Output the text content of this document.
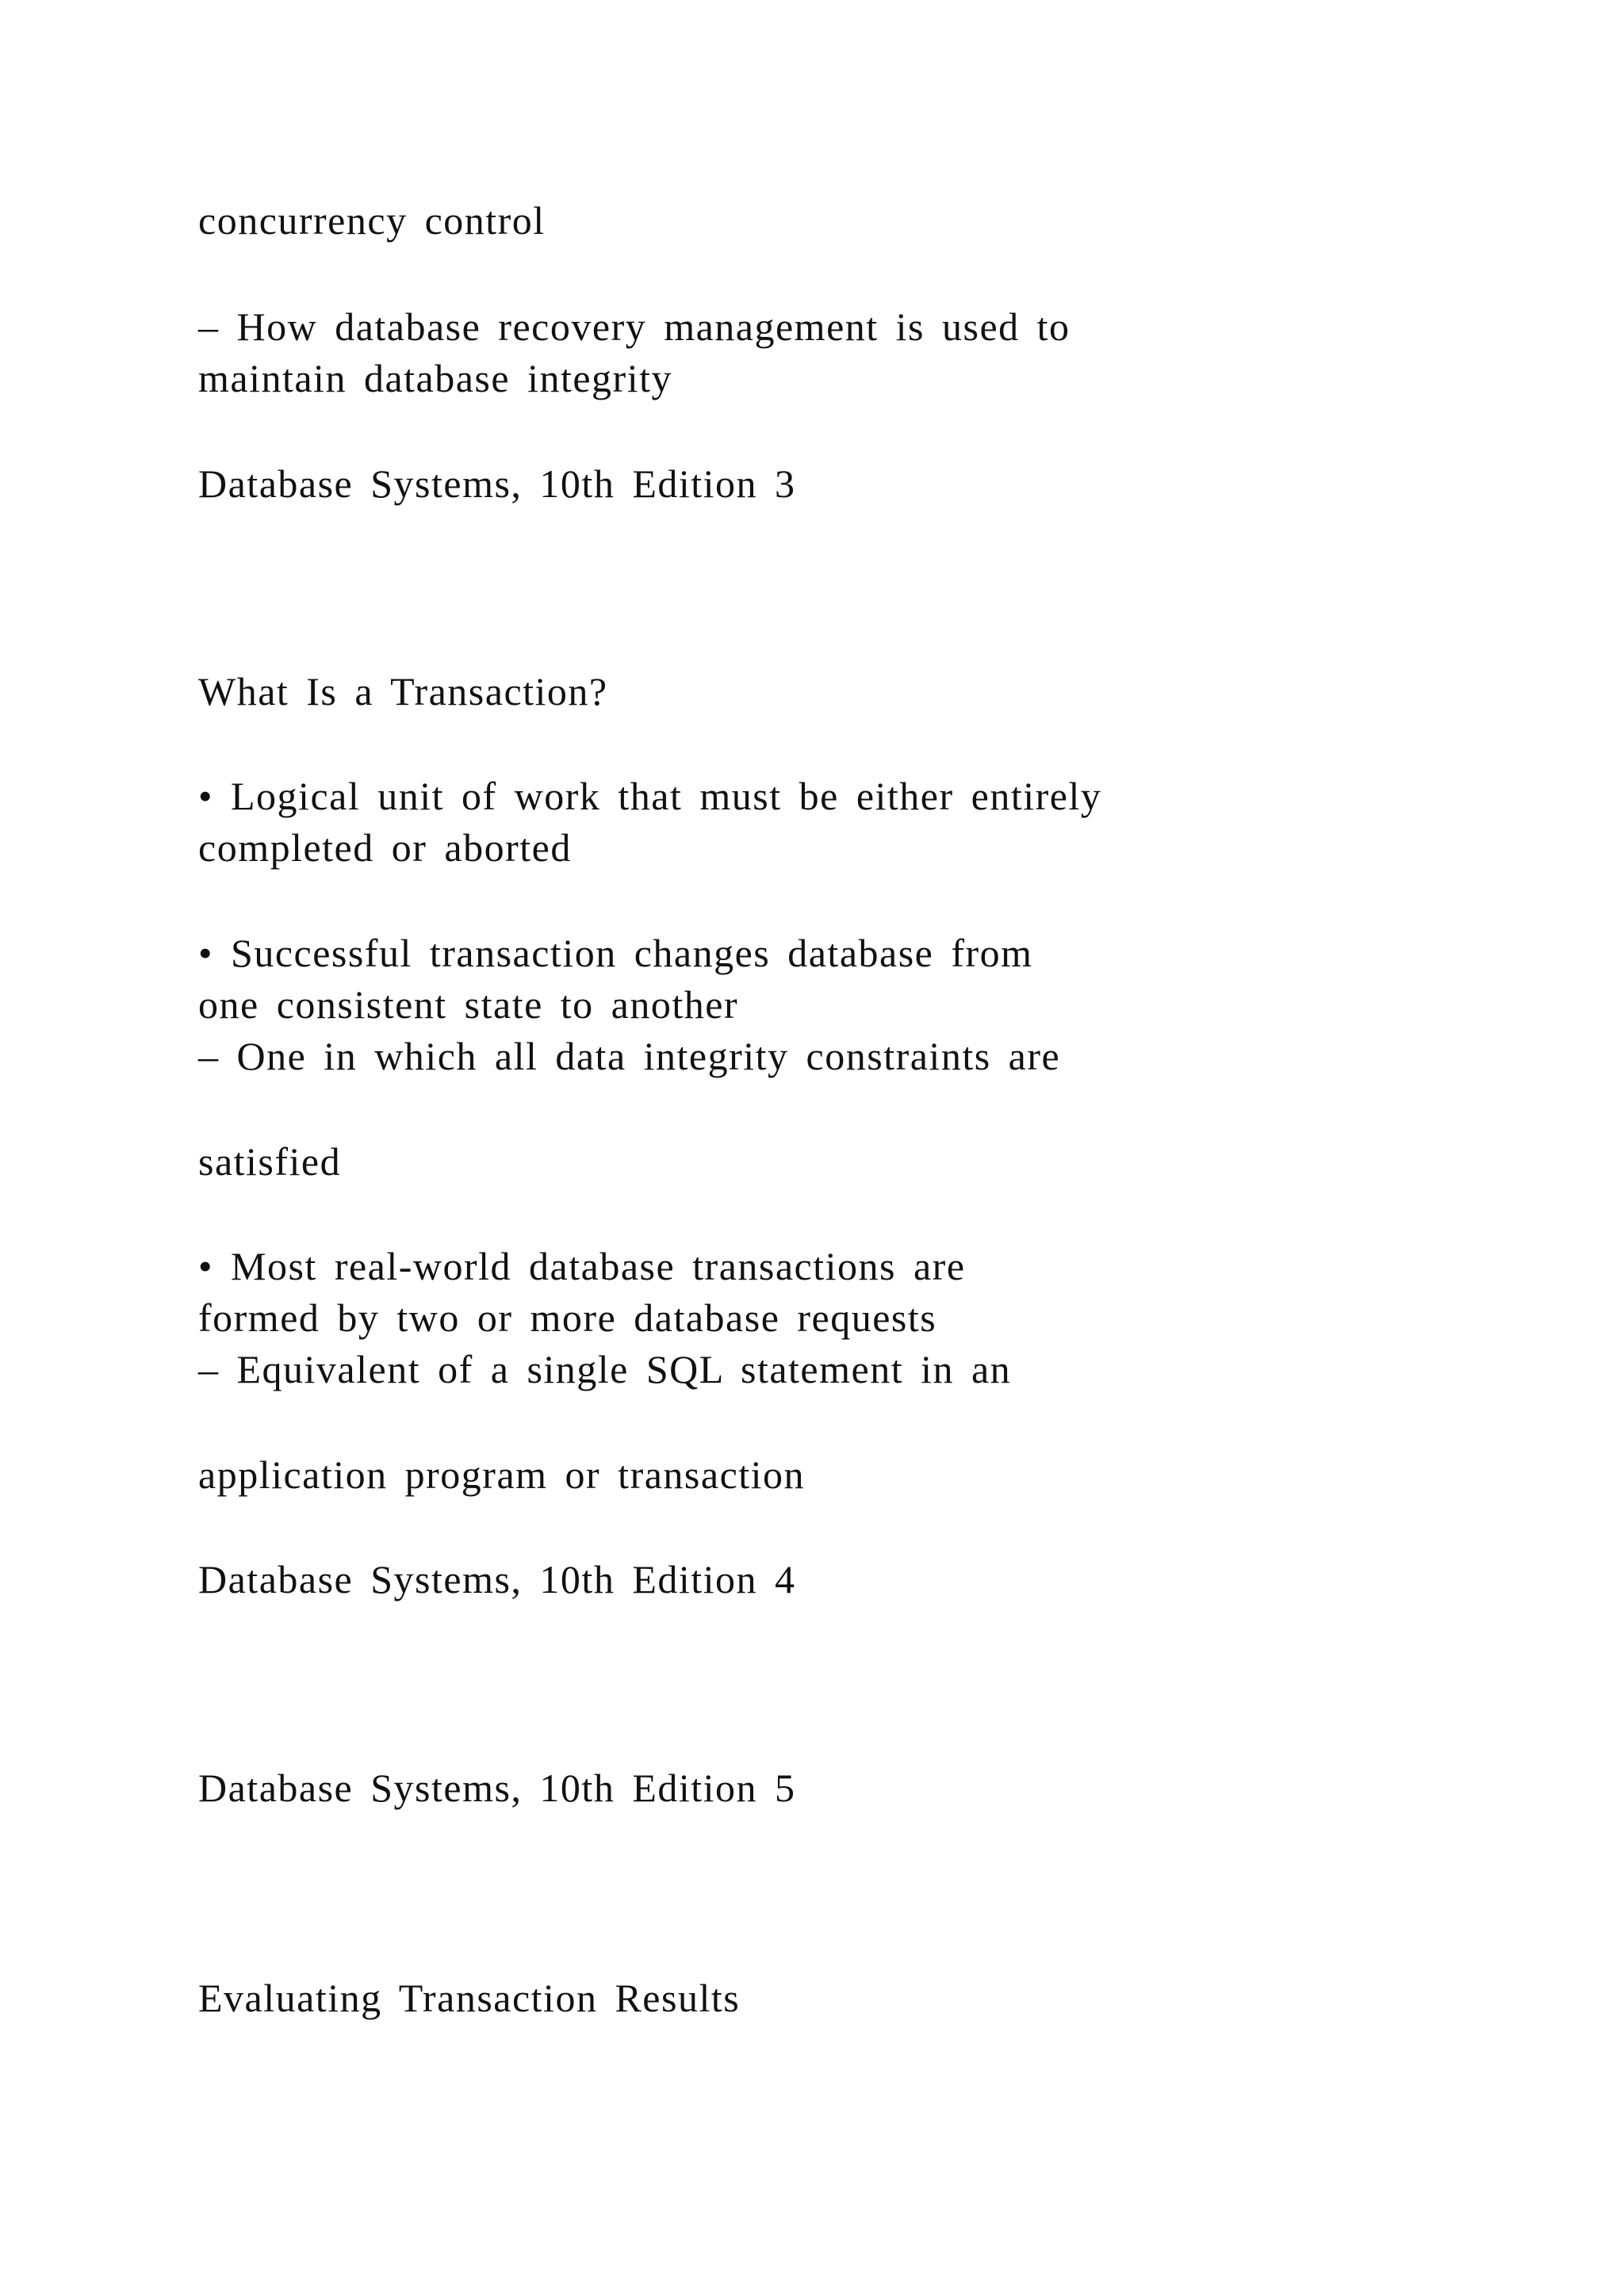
concurrency control

– How database recovery management is used to

maintain database integrity

Database Systems, 10th Edition 3

What Is a Transaction?

• Logical unit of work that must be either entirely

completed or aborted

• Successful transaction changes database from

one consistent state to another

– One in which all data integrity constraints are

satisfied

• Most real-world database transactions are

formed by two or more database requests

– Equivalent of a single SQL statement in an

application program or transaction

Database Systems, 10th Edition 4

Database Systems, 10th Edition 5

Evaluating Transaction Results
